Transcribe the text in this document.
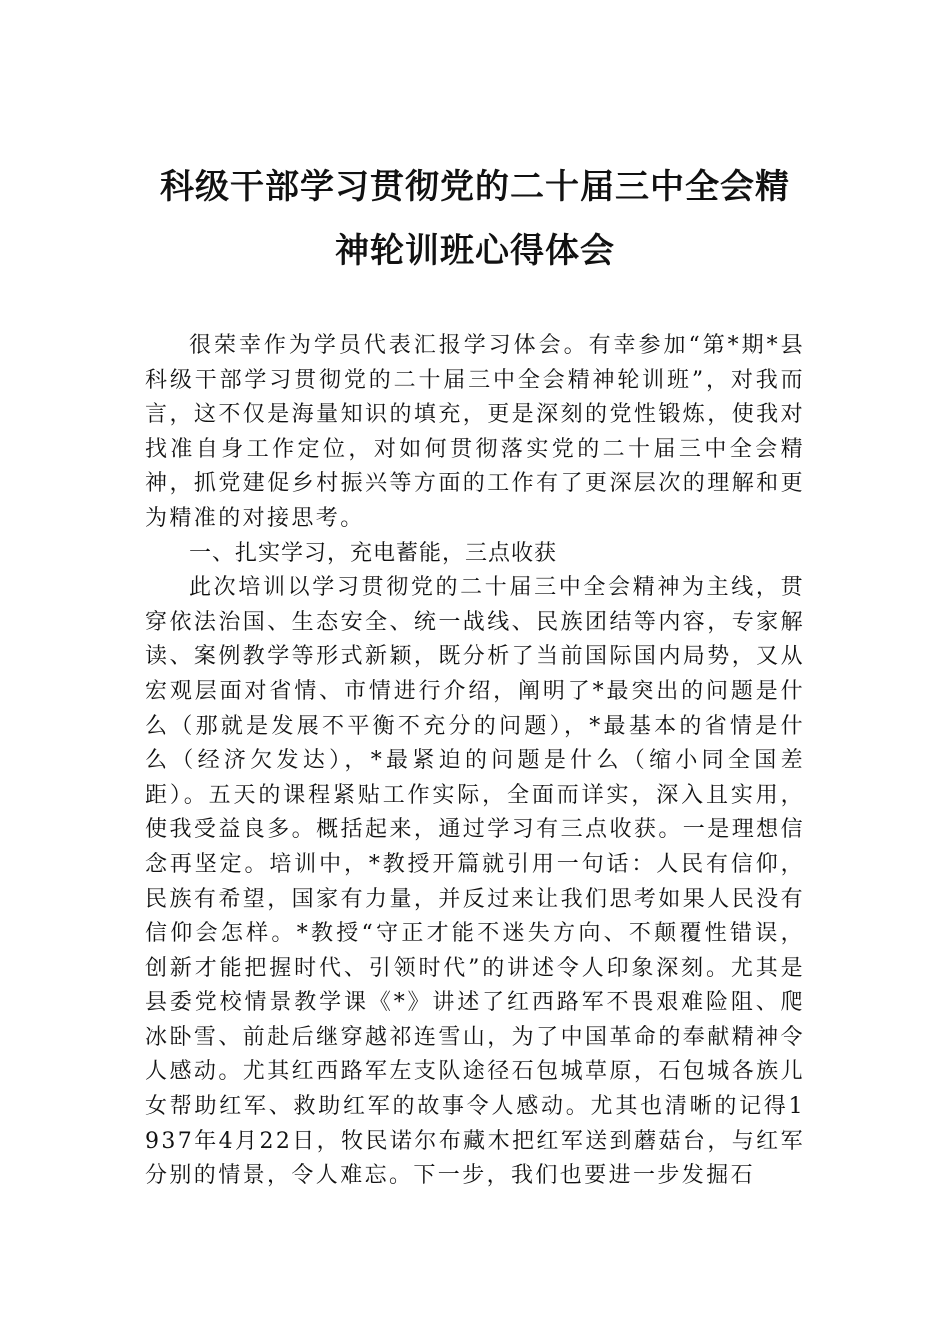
科级干部学习贯彻党的二十届三中全会精
神轮训班心得体会

很荣幸作为学员代表汇报学习体会。有幸参加“第*期*县科级干部学习贯彻党的二十届三中全会精神轮训班”，对我而言，这不仅是海量知识的填充，更是深刻的党性锻炼，使我对找准自身工作定位，对如何贯彻落实党的二十届三中全会精神，抓党建促乡村振兴等方面的工作有了更深层次的理解和更为精准的对接思考。

一、扎实学习，充电蓄能，三点收获

此次培训以学习贯彻党的二十届三中全会精神为主线，贯穿依法治国、生态安全、统一战线、民族团结等内容，专家解读、案例教学等形式新颖，既分析了当前国际国内局势，又从宏观层面对省情、市情进行介绍，阐明了*最突出的问题是什么（那就是发展不平衡不充分的问题），*最基本的省情是什么（经济欠发达），*最紧迫的问题是什么（缩小同全国差距）。五天的课程紧贴工作实际，全面而详实，深入且实用，使我受益良多。概括起来，通过学习有三点收获。一是理想信念再坚定。培训中，*教授开篇就引用一句话：人民有信仰，民族有希望，国家有力量，并反过来让我们思考如果人民没有信仰会怎样。*教授“守正才能不迷失方向、不颠覆性错误，创新才能把握时代、引领时代”的讲述令人印象深刻。尤其是县委党校情景教学课《*》讲述了红西路军不畏艰难险阻、爬冰卧雪、前赴后继穿越祁连雪山，为了中国革命的奉献精神令人感动。尤其红西路军左支队途径石包城草原，石包城各族儿女帮助红军、救助红军的故事令人感动。尤其也清晰的记得1937年4月22日，牧民诺尔布藏木把红军送到蘑菇台，与红军分别的情景，令人难忘。下一步，我们也要进一步发掘石
